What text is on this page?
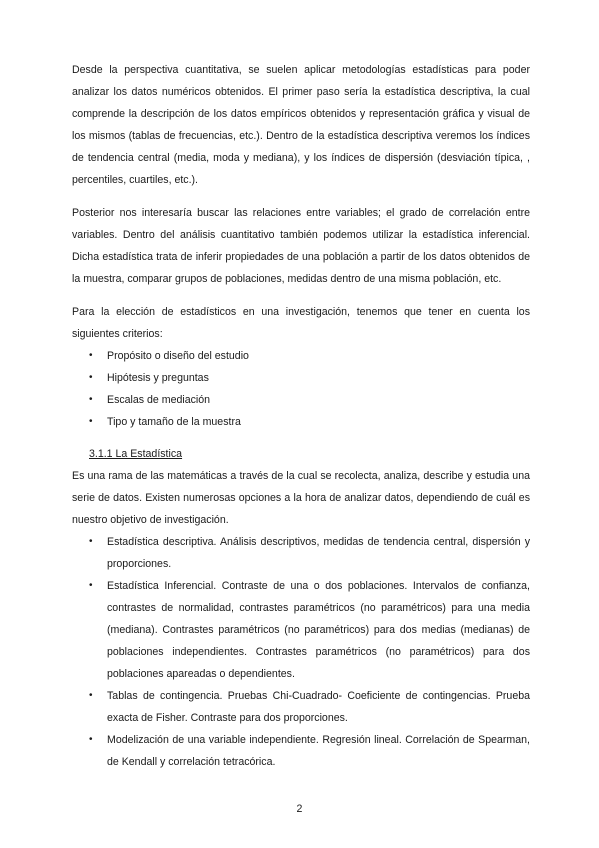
Desde la perspectiva cuantitativa, se suelen aplicar metodologías estadísticas para poder analizar los datos numéricos obtenidos. El primer paso sería la estadística descriptiva, la cual comprende la descripción de los datos empíricos obtenidos y representación gráfica y visual de los mismos (tablas de frecuencias, etc.). Dentro de la estadística descriptiva veremos los índices de tendencia central (media, moda y mediana), y los índices de dispersión (desviación típica, , percentiles, cuartiles, etc.).

Posterior nos interesaría buscar las relaciones entre variables; el grado de correlación entre variables. Dentro del análisis cuantitativo también podemos utilizar la estadística inferencial. Dicha estadística trata de inferir propiedades de una población a partir de los datos obtenidos de la muestra, comparar grupos de poblaciones, medidas dentro de una misma población, etc.

Para la elección de estadísticos en una investigación, tenemos que tener en cuenta los siguientes criterios:

• Propósito o diseño del estudio
• Hipótesis y preguntas
• Escalas de mediación
• Tipo y tamaño de la muestra
3.1.1 La Estadística

Es una rama de las matemáticas a través de la cual se recolecta, analiza, describe y estudia una serie de datos. Existen numerosas opciones a la hora de analizar datos, dependiendo de cuál es nuestro objetivo de investigación.

• Estadística descriptiva. Análisis descriptivos, medidas de tendencia central, dispersión y proporciones.
• Estadística Inferencial. Contraste de una o dos poblaciones. Intervalos de confianza, contrastes de normalidad, contrastes paramétricos (no paramétricos) para una media (mediana). Contrastes paramétricos (no paramétricos) para dos medias (medianas) de poblaciones independientes. Contrastes paramétricos (no paramétricos) para dos poblaciones apareadas o dependientes.
• Tablas de contingencia. Pruebas Chi-Cuadrado- Coeficiente de contingencias. Prueba exacta de Fisher. Contraste para dos proporciones.
• Modelización de una variable independiente. Regresión lineal. Correlación de Spearman, de Kendall y correlación tetracórica.
2
